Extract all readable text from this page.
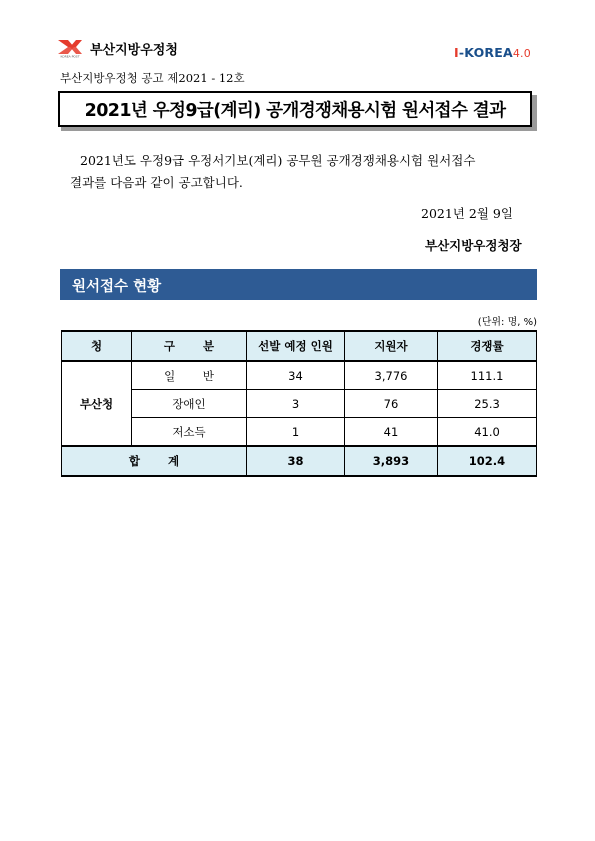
KOREA POST 부산지방우정청	I-KOREA4.0
부산지방우정청 공고 제2021 - 12호
2021년 우정9급(계리) 공개경쟁채용시험 원서접수 결과
2021년도 우정9급 우정서기보(계리) 공무원 공개경쟁채용시험 원서접수
결과를 다음과 같이 공고합니다.
2021년 2월 9일
부산지방우정청장
원서접수 현황
(단위: 명, %)
청	구 분	선발 예정 인원	지원자	경쟁률
부산청	일 반	34	3,776	111.1
	장애인	3	76	25.3
	저소득	1	41	41.0
합 계		38	3,893	102.4
